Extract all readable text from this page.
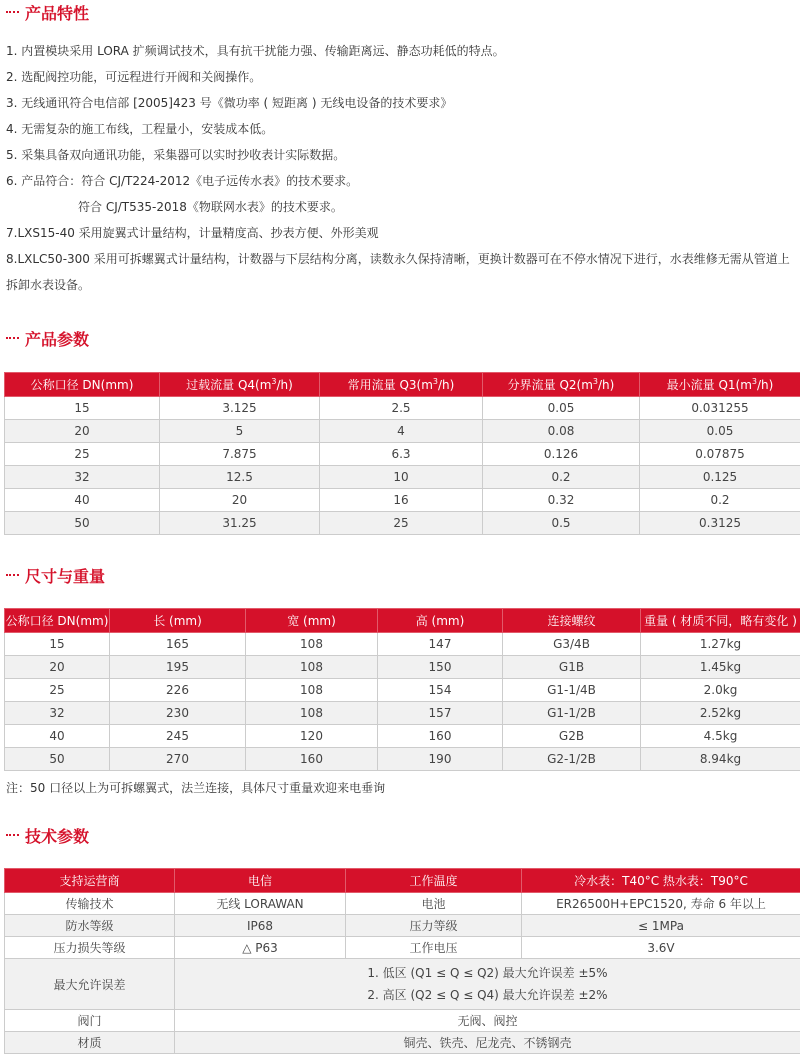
产品特性

1. 内置模块采用 LORA 扩频调试技术，具有抗干扰能力强、传输距离远、静态功耗低的特点。

2. 选配阀控功能，可远程进行开阀和关阀操作。

3. 无线通讯符合电信部 [2005]423 号《微功率 ( 短距离 ) 无线电设备的技术要求》

4. 无需复杂的施工布线，工程量小，安装成本低。

5. 采集具备双向通讯功能，采集器可以实时抄收表计实际数据。

6. 产品符合：符合 CJ/T224-2012《电子远传水表》的技术要求。

符合 CJ/T535-2018《物联网水表》的技术要求。

7.LXS15-40 采用旋翼式计量结构，计量精度高、抄表方便、外形美观

8.LXLC50-300 采用可拆螺翼式计量结构，计数器与下层结构分离，读数永久保持清晰，更换计数器可在不停水情况下进行，水表维修无需从管道上拆卸水表设备。

产品参数
公称口径 DN(mm)	过载流量 $Q4(m^3/h)$	常用流量 $Q3(m^3/h)$	分界流量 $Q2(m^3/h)$	最小流量 $Q1(m^3/h)$
15	3.125	2.5	0.05	0.031255
20	5	4	0.08	0.05
25	7.875	6.3	0.126	0.07875
32	12.5	10	0.2	0.125
40	20	16	0.32	0.2
50	31.25	25	0.5	0.3125
尺寸与重量
公称口径 DN(mm)	长 (mm)	宽 (mm)	高 (mm)	连接螺纹	重量 ( 材质不同，略有变化 )
15	165	108	147	G3/4B	1.27kg
20	195	108	150	G1B	1.45kg
25	226	108	154	G1-1/4B	2.0kg
32	230	108	157	G1-1/2B	2.52kg
40	245	120	160	G2B	4.5kg
50	270	160	190	G2-1/2B	8.94kg
注：50 口径以上为可拆螺翼式，法兰连接，具体尺寸重量欢迎来电垂询
技术参数
支持运营商	电信	工作温度	冷水表：T40°C 热水表：T90°C
传输技术	无线 LORAWAN	电池	ER26500H+EPC1520, 寿命 6 年以上
防水等级	IP68	压力等级	≤ 1MPa
压力损失等级	△ P63	工作电压	3.6V
最大允许误差	1. 低区 (Q1 ≤ Q ≤ Q2) 最大允许误差 ±5%
2. 高区 (Q2 ≤ Q ≤ Q4) 最大允许误差 ±2%		

阀门	无阀、阀控		
材质	铜壳、铁壳、尼龙壳、不锈钢壳		
